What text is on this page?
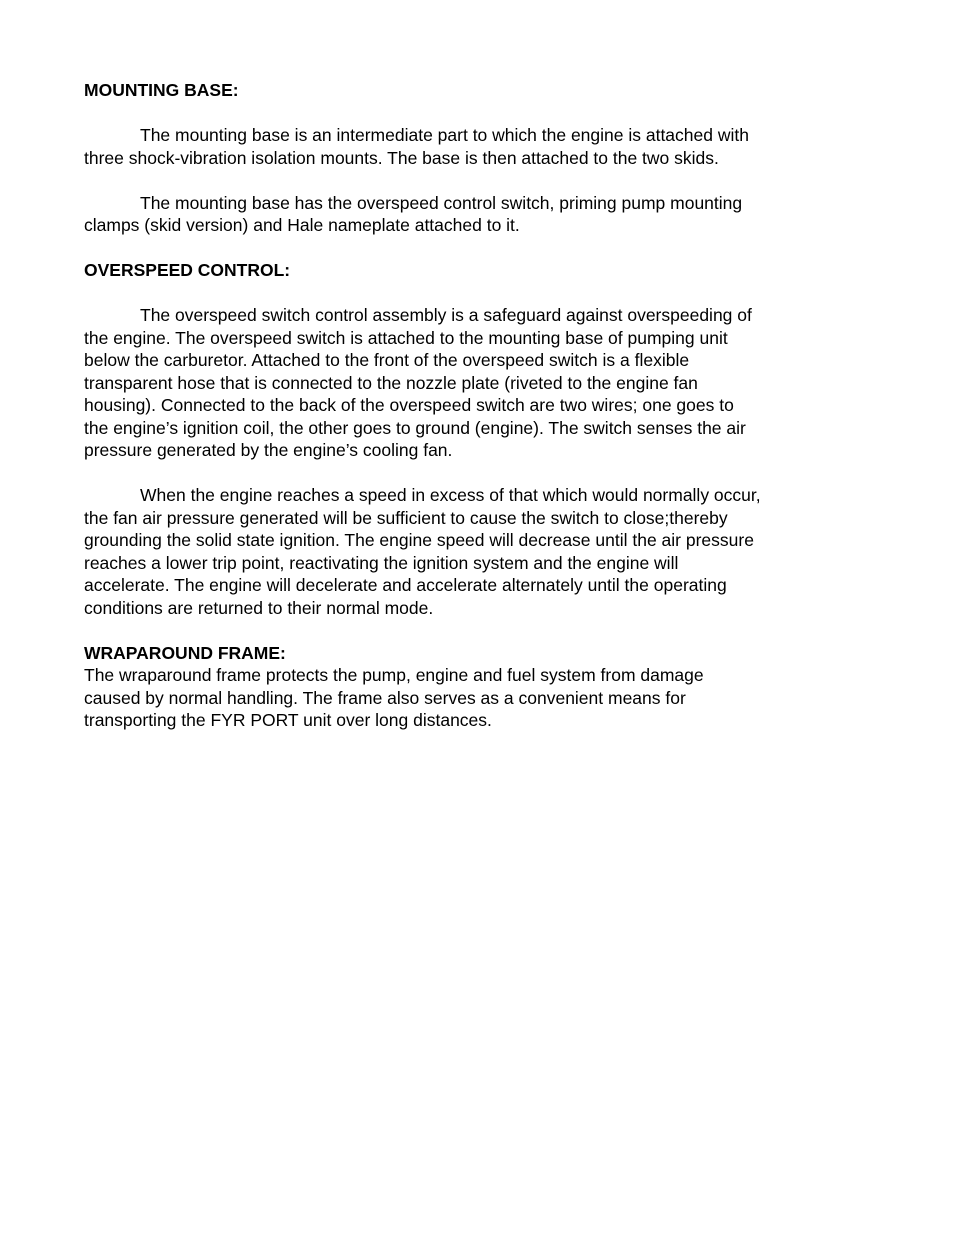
MOUNTING BASE:

The mounting base is an intermediate part to which the engine is attached with
three shock-vibration isolation mounts. The base is then attached to the two skids.

The mounting base has the overspeed control switch, priming pump mounting
clamps (skid version) and Hale nameplate attached to it.

OVERSPEED CONTROL:

The overspeed switch control assembly is a safeguard against overspeeding of
the engine. The overspeed switch is attached to the mounting base of pumping unit
below the carburetor. Attached to the front of the overspeed switch is a flexible
transparent hose that is connected to the nozzle plate (riveted to the engine fan
housing). Connected to the back of the overspeed switch are two wires; one goes to
the engine’s ignition coil, the other goes to ground (engine). The switch senses the air
pressure generated by the engine’s cooling fan.

When the engine reaches a speed in excess of that which would normally occur,
the fan air pressure generated will be sufficient to cause the switch to close;thereby
grounding the solid state ignition. The engine speed will decrease until the air pressure
reaches a lower trip point, reactivating the ignition system and the engine will
accelerate. The engine will decelerate and accelerate alternately until the operating
conditions are returned to their normal mode.

WRAPAROUND FRAME:

The wraparound frame protects the pump, engine and fuel system from damage
caused by normal handling. The frame also serves as a convenient means for
transporting the FYR PORT unit over long distances.
